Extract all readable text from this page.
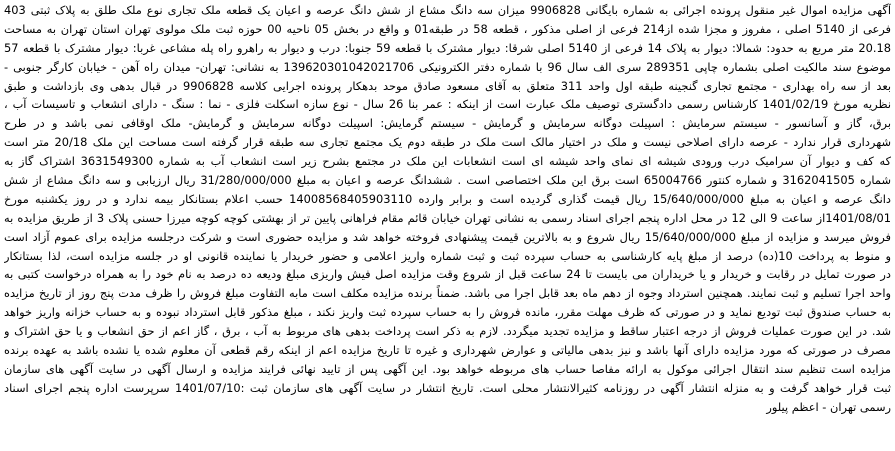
آگهی مزایده اموال غیر منقول پرونده اجرائی به شماره بایگانی 9906828 میزان سه دانگ مشاع از شش دانگ عرصه و اعیان یک قطعه ملک تجاری نوع ملک طلق به پلاک ثبتی 403
فرعی از 5140 اصلی ، مفروز و مجزا شده از214 فرعی از اصلی مذکور ، قطعه 58 در طبقه01 و واقع در بخش 05 ناحیه 00 حوزه ثبت ملک مولوی تهران استان تهران به مساحت
20.18 متر مربع به حدود: شمالا: دیوار به پلاک 14 فرعی از 5140 اصلی شرقا: دیوار مشترک با قطعه 59 جنوبا: درب و دیوار به راهرو راه پله مشاعی غربا: دیوار مشترک با قطعه 57
موضوع سند مالکیت اصلی بشماره چاپی 289351 سری الف سال 96 با شماره دفتر الکترونیکی 139620301042021706 به نشانی: تهران- میدان راه آهن - خیابان کارگر جنوبی -
بعد از سه راه بهداری - مجتمع تجاری گنجینه طبقه اول واحد 311 متعلق به آقای مسعود صادق موحد بدهکار پرونده اجرایی کلاسه 9906828 در قبال بدهی وی بازداشت و طبق
نظریه مورخ 1401/02/19 کارشناس رسمی دادگستری توصیف ملک عبارت است از اینکه : عمر بنا 26 سال - نوع سازه اسکلت فلزی - نما : سنگ - دارای انشعاب و تاسیسات آب ،
برق، گاز و آسانسور - سیستم سرمایش : اسپیلت دوگانه سرمایش و گرمایش - سیستم گرمایش: اسپیلت دوگانه سرمایش و گرمایش- ملک اوقافی نمی باشد و در طرح
شهرداری قرار ندارد - عرصه دارای اصلاحی نیست و ملک در اختیار مالک است ملک در طبقه دوم یک مجتمع تجاری سه طبقه قرار گرفته است مساحت این ملک 20/18 متر است
که کف و دیوار آن سرامیک درب ورودی شیشه ای نمای واحد شیشه ای است انشعابات این ملک در مجتمع بشرح زیر است انشعاب آب به شماره 3631549300 اشتراک گاز به
شماره 3162041505 و شماره کنتور 65004766 است برق این ملک اختصاصی است . ششدانگ عرصه و اعیان به مبلغ 31/280/000/000 ریال ارزیابی و سه دانگ مشاع از شش
دانگ عرصه و اعیان به مبلغ 15/640/000/000 ریال قیمت گذاری گردیده است و برابر وارده 14008568405903110 حسب اعلام بستانکار بیمه ندارد و در روز یکشنبه مورخ
1401/08/01از ساعت 9 الی 12 در محل اداره پنجم اجرای اسناد رسمی به نشانی تهران خیابان قائم مقام فراهانی پایین تر از بهشتی کوچه کوچه میرزا حسنی پلاک 3 از طریق مزایده به
فروش میرسد و مزایده از مبلغ 15/640/000/000 ریال شروع و به بالاترین قیمت پیشنهادی فروخته خواهد شد و مزایده حضوری است و شرکت درجلسه مزایده برای عموم آزاد است
و منوط به پرداخت 10(ده) درصد از مبلغ پایه کارشناسی به حساب سپرده ثبت و ثبت شماره واریز اعلامی و حضور خریدار یا نماینده قانونی او در جلسه مزایده است، لذا بستانکار
در صورت تمایل در رقابت و خریدار و یا خریداران می بایست تا 24 ساعت قبل از شروع وقت مزایده اصل فیش واریزی مبلغ ودیعه ده درصد به نام خود را به همراه درخواست کتبی به
واحد اجرا تسلیم و ثبت نمایند. همچنین استرداد وجوه از دهم ماه بعد قابل اجرا می باشد. ضمناً برنده مزایده مکلف است مابه التفاوت مبلغ فروش را ظرف مدت پنج روز از تاریخ مزایده
به حساب صندوق ثبت تودیع نماید و در صورتی که ظرف مهلت مقرر، مانده فروش را به حساب سپرده ثبت واریز نکند ، مبلغ مذکور قابل استرداد نبوده و به حساب خزانه واریز خواهد
شد. در این صورت عملیات فروش از درجه اعتبار ساقط و مزایده تجدید میگردد. لازم به ذکر است پرداخت بدهی های مربوط به آب ، برق ، گاز اعم از حق انشعاب و یا حق اشتراک و
مصرف در صورتی که مورد مزایده دارای آنها باشد و نیز بدهی مالیاتی و عوارض شهرداری و غیره تا تاریخ مزایده اعم از اینکه رقم قطعی آن معلوم شده یا نشده باشد به عهده برنده
مزایده است تنظیم سند انتقال اجرائی موکول به ارائه مفاصا حساب های مربوطه خواهد بود. این آگهی پس از تایید نهائی فرایند مزایده و ارسال آگهی در سایت آگهی های سازمان
ثبت قرار خواهد گرفت و به منزله انتشار آگهی در روزنامه کثیرالانتشار محلی است. تاریخ انتشار در سایت آگهی های سازمان ثبت :1401/07/10 سرپرست اداره پنجم اجرای اسناد
رسمی تهران - اعظم پیلور
